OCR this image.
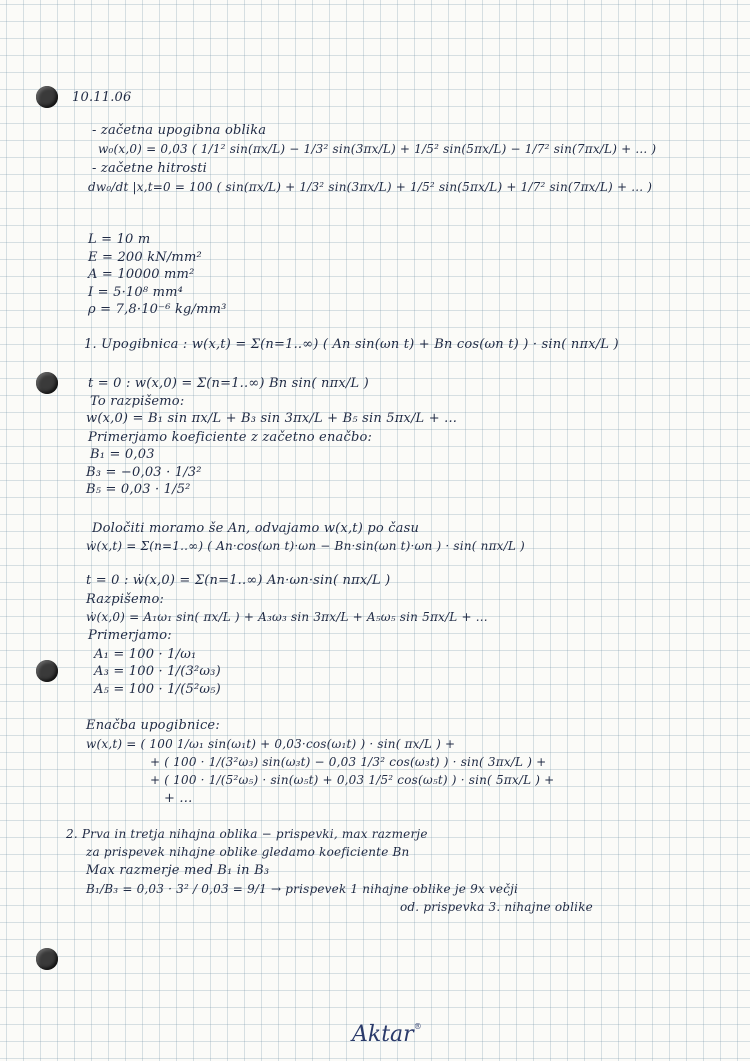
10.11.06
- začetna upogibna oblika
w₀(x,0) = 0,03 ( 1/1² sin(πx/L) − 1/3² sin(3πx/L) + 1/5² sin(5πx/L) − 1/7² sin(7πx/L) + ... )
- začetne hitrosti
dw₀/dt |x,t=0 = 100 ( sin(πx/L) + 1/3² sin(3πx/L) + 1/5² sin(5πx/L) + 1/7² sin(7πx/L) + ... )
L = 10 m
E = 200 kN/mm²
A = 10000 mm²
I = 5·10⁸ mm⁴
ρ = 7,8·10⁻⁶ kg/mm³
1. Upogibnica : w(x,t) = Σ(n=1..∞) ( An sin(ωn t) + Bn cos(ωn t) ) · sin( nπx/L )
t = 0 : w(x,0) = Σ(n=1..∞) Bn sin( nπx/L )
To razpišemo:
w(x,0) = B₁ sin πx/L + B₃ sin 3πx/L + B₅ sin 5πx/L + ...
Primerjamo koeficiente z začetno enačbo:
B₁ = 0,03
B₃ = −0,03 · 1/3²
B₅ = 0,03 · 1/5²
Določiti moramo še An, odvajamo w(x,t) po času
ẇ(x,t) = Σ(n=1..∞) ( An·cos(ωn t)·ωn − Bn·sin(ωn t)·ωn ) · sin( nπx/L )
t = 0 : ẇ(x,0) = Σ(n=1..∞) An·ωn·sin( nπx/L )
Razpišemo:
ẇ(x,0) = A₁ω₁ sin( πx/L ) + A₃ω₃ sin 3πx/L + A₅ω₅ sin 5πx/L + ...
Primerjamo:
A₁ = 100 · 1/ω₁
A₃ = 100 · 1/(3²ω₃)
A₅ = 100 · 1/(5²ω₅)
Enačba upogibnice:
w(x,t) = ( 100 1/ω₁ sin(ω₁t) + 0,03·cos(ω₁t) ) · sin( πx/L ) +
+ ( 100 · 1/(3²ω₃) sin(ω₃t) − 0,03 1/3² cos(ω₃t) ) · sin( 3πx/L ) +
+ ( 100 · 1/(5²ω₅) · sin(ω₅t) + 0,03 1/5² cos(ω₅t) ) · sin( 5πx/L ) +
+ ...
2. Prva in tretja nihajna oblika − prispevki, max razmerje
za prispevek nihajne oblike gledamo koeficiente Bn
Max razmerje med B₁ in B₃
B₁/B₃ = 0,03 · 3² / 0,03 = 9/1 → prispevek 1 nihajne oblike je 9x večji
od. prispevka 3. nihajne oblike
Aktar®
